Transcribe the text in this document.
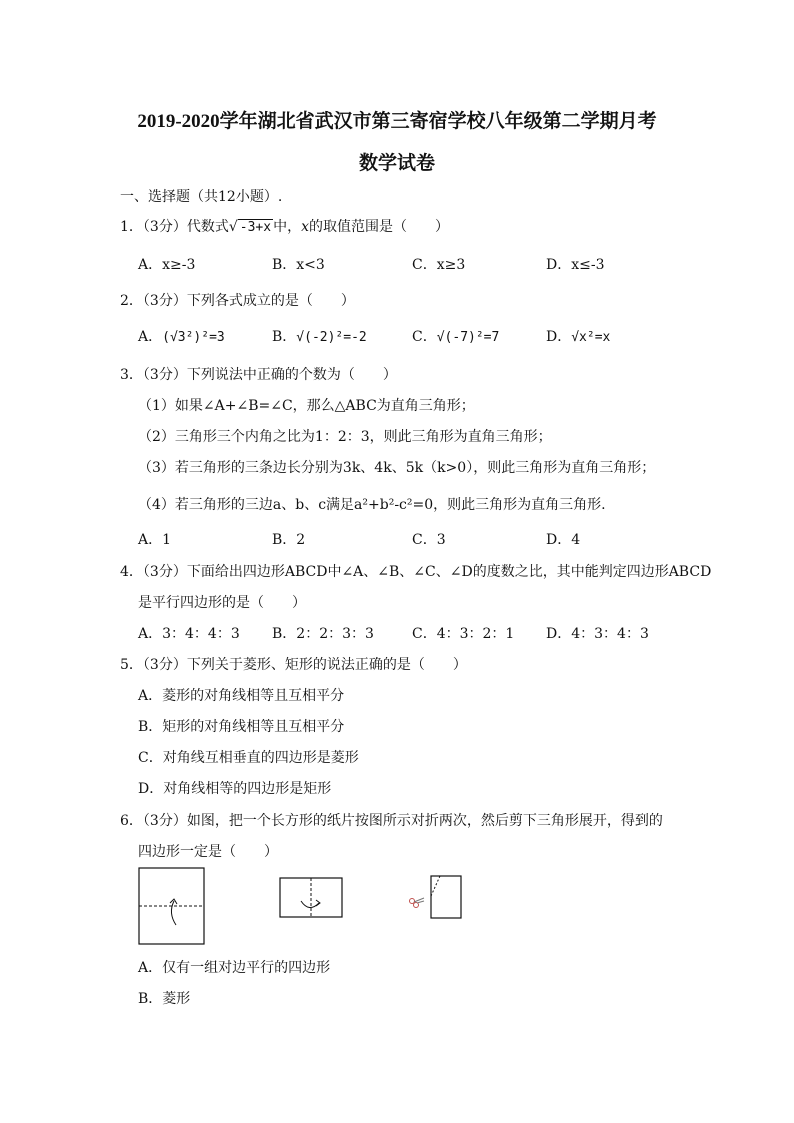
2019-2020学年湖北省武汉市第三寄宿学校八年级第二学期月考
数学试卷
一、选择题（共12小题）.
1．（3分）代数式√ -3+x 中，x的取值范围是（　　）
A．x≥-3	B．x<3	C．x≥3	D．x≤-3
2．（3分）下列各式成立的是（　　）
A．(√3²)²=3	B．√(-2)²=-2	C．√(-7)²=7	D．√x²=x
3．（3分）下列说法中正确的个数为（　　）
（1）如果∠A+∠B=∠C，那么△ABC为直角三角形；
（2）三角形三个内角之比为1：2：3，则此三角形为直角三角形；
（3）若三角形的三条边长分别为3k、4k、5k（k>0），则此三角形为直角三角形；
（4）若三角形的三边a、b、c满足a²+b²-c²=0，则此三角形为直角三角形.
A．1	B．2	C．3	D．4
4．（3分）下面给出四边形ABCD中∠A、∠B、∠C、∠D的度数之比，其中能判定四边形ABCD
是平行四边形的是（　　）
A．3：4：4：3 B．2：2：3：3	C．4：3：2：1 D．4：3：4：3
5．（3分）下列关于菱形、矩形的说法正确的是（　　）
A．菱形的对角线相等且互相平分
B．矩形的对角线相等且互相平分
C．对角线互相垂直的四边形是菱形
D．对角线相等的四边形是矩形
6．（3分）如图，把一个长方形的纸片按图所示对折两次，然后剪下三角形展开，得到的
四边形一定是（　　）
A．仅有一组对边平行的四边形
B．菱形
